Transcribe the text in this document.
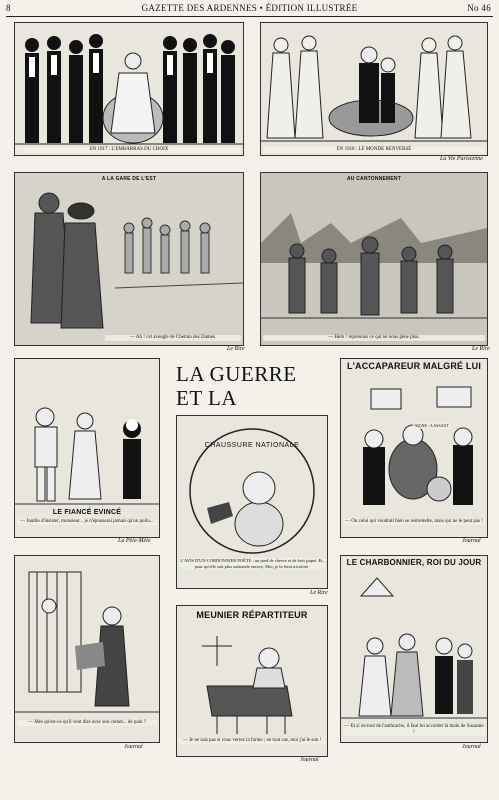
8	GAZETTE DES ARDENNES • ÉDITION ILLUSTRÉE	No 46
EN 1917 : L'EMBARRAS DU CHOIX	EN 1918 : LE MONDE RENVERSÉ
La Vie Parisienne
A LA GARE DE L'EST
— Ah ! cet aveugle de Chemin des Dames.
Le Rire
AU CANTONNEMENT
— Hem ! reprenons ce qui ne nous gène plus.
Le Rire
LA GUERRE ET LA
LE FIANCÉ EVINCÉ
— Inutile d'insister, monsieur... je n'épouserai jamais qu'un poilu...
La Pêle-Mêle
CHAUSSURE NATIONALE
L'AVIS D'UN CORDONNIER POÈTE : un pied de chevre et de bois piqué. Et, pour qu'elle soit plus nationale encore, Moi, je la ferai tricolore.
Le Rire
L'ACCAPAREUR MALGRÉ LUI
SIGNE : A ASSAUT
— Ou celui qui voudrait bien se restreindre, mais qui ne le peut pas !
Journal
— Mes qu'est-ce qu'il veut dire avec son cornet... de pain ?
Journal
MEUNIER RÉPARTITEUR
— Je ne sais pas si vous verrez la farine ; en tout cas, moi j'ai le son !
Journal
LE CHARBONNIER, ROI DU JOUR
— Et si on tout de l'anthracite, il faut lui accorder la main de Suzanne !
Journal
